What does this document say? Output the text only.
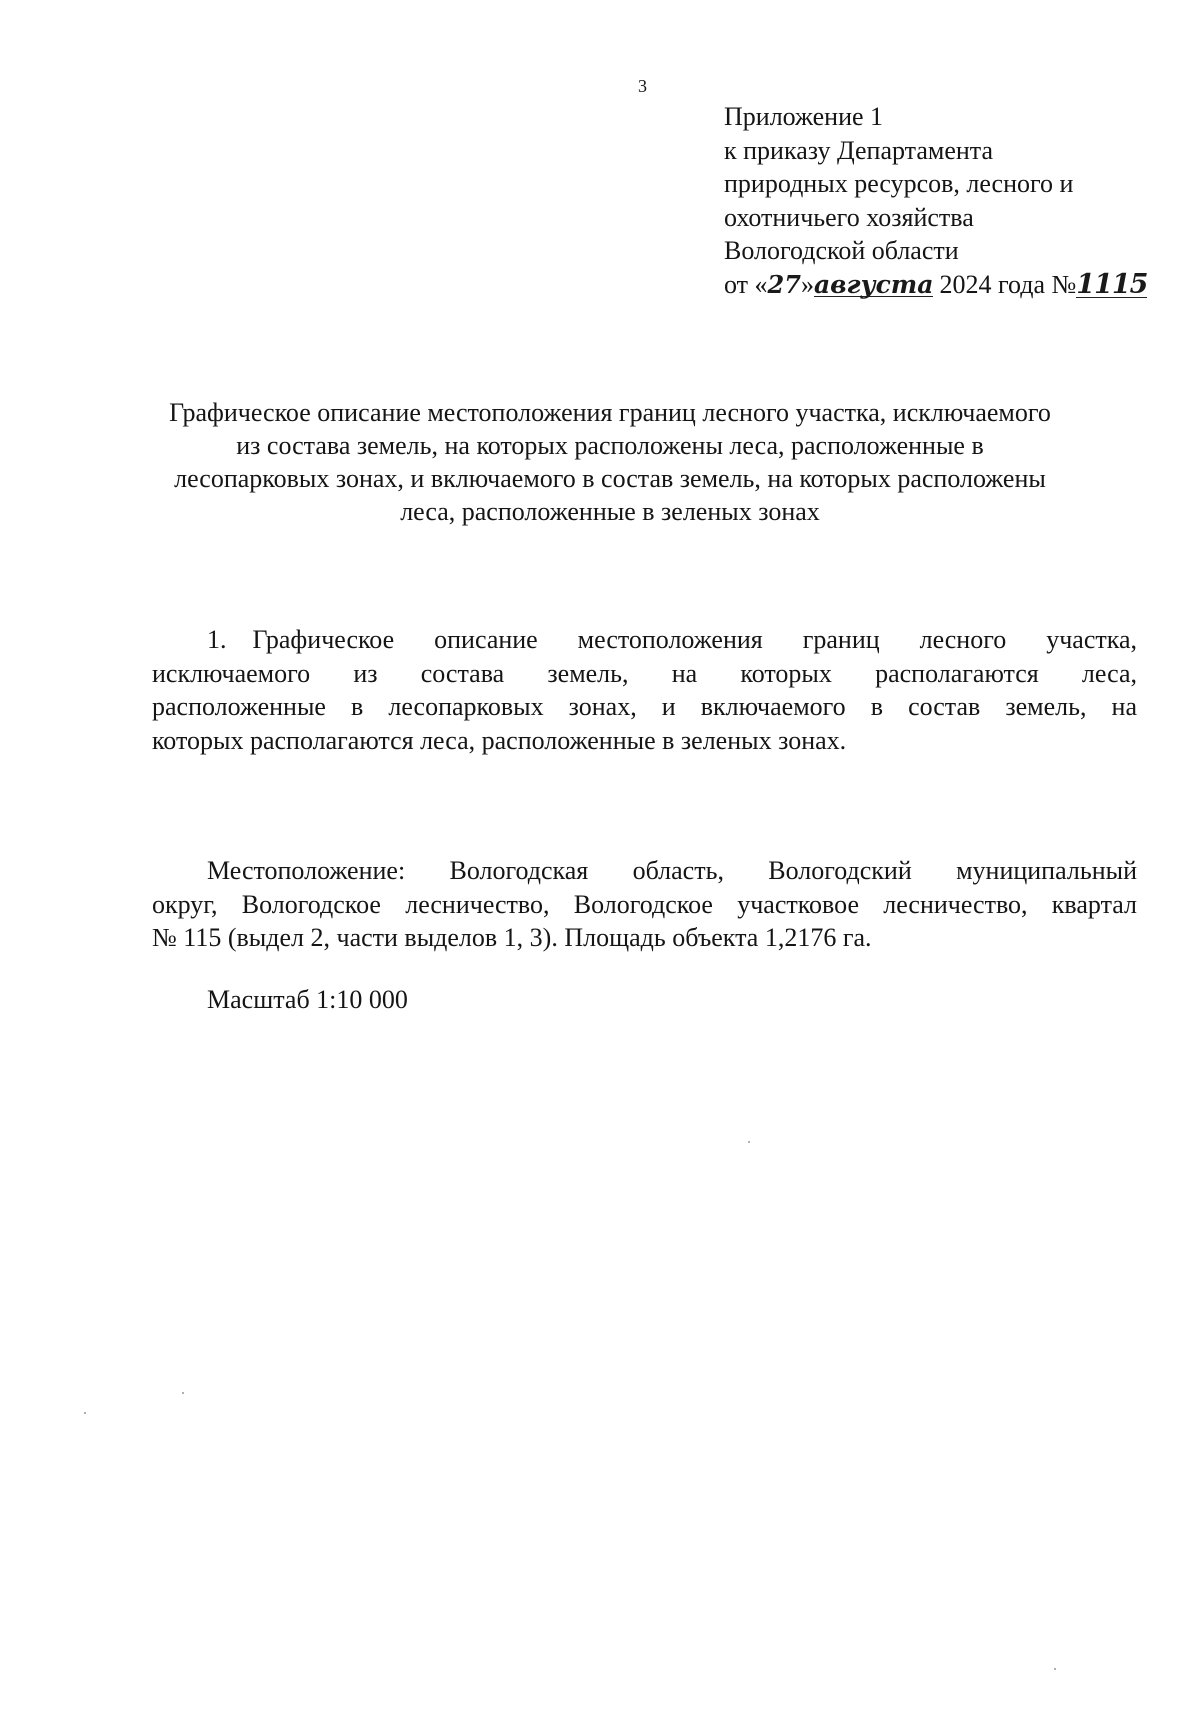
3
Приложение 1
к приказу Департамента
природных ресурсов, лесного и
охотничьего хозяйства
Вологодской области
от «27»августа 2024 года №1115
Графическое описание местоположения границ лесного участка, исключаемого
из состава земель, на которых расположены леса, расположенные в
лесопарковых зонах, и включаемого в состав земель, на которых расположены
леса, расположенные в зеленых зонах
1. Графическое описание местоположения границ лесного участка,
исключаемого из состава земель, на которых располагаются леса,
расположенные в лесопарковых зонах, и включаемого в состав земель, на
которых располагаются леса, расположенные в зеленых зонах.
Местоположение: Вологодская область, Вологодский муниципальный
округ, Вологодское лесничество, Вологодское участковое лесничество, квартал
№ 115 (выдел 2, части выделов 1, 3). Площадь объекта 1,2176 га.
Масштаб 1:10 000
